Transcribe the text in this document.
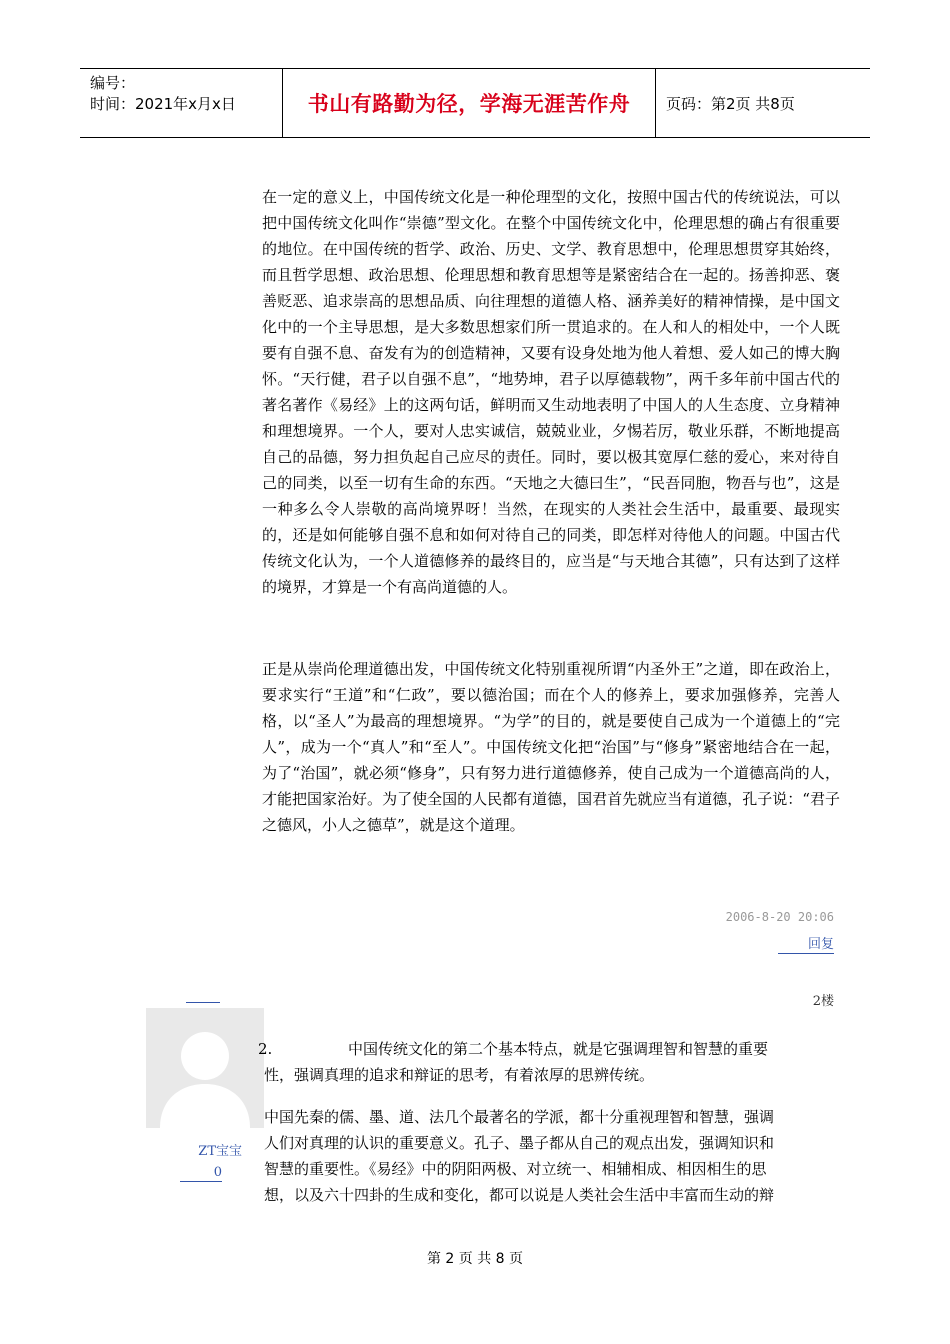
编号：
时间：2021年x月x日	书山有路勤为径，学海无涯苦作舟	页码：第2页 共8页

在一定的意义上，中国传统文化是一种伦理型的文化，按照中国古代的传统说法，可以把中国传统文化叫作“崇德”型文化。在整个中国传统文化中，伦理思想的确占有很重要的地位。在中国传统的哲学、政治、历史、文学、教育思想中，伦理思想贯穿其始终，而且哲学思想、政治思想、伦理思想和教育思想等是紧密结合在一起的。扬善抑恶、褒善贬恶、追求崇高的思想品质、向往理想的道德人格、涵养美好的精神情操，是中国文化中的一个主导思想，是大多数思想家们所一贯追求的。在人和人的相处中，一个人既要有自强不息、奋发有为的创造精神，又要有设身处地为他人着想、爱人如己的博大胸怀。“天行健，君子以自强不息”，“地势坤，君子以厚德载物”，两千多年前中国古代的著名著作《易经》上的这两句话，鲜明而又生动地表明了中国人的人生态度、立身精神和理想境界。一个人，要对人忠实诚信，兢兢业业，夕惕若厉，敬业乐群，不断地提高自己的品德，努力担负起自己应尽的责任。同时，要以极其宽厚仁慈的爱心，来对待自己的同类，以至一切有生命的东西。“天地之大德曰生”，“民吾同胞，物吾与也”，这是一种多么令人崇敬的高尚境界呀！当然，在现实的人类社会生活中，最重要、最现实的，还是如何能够自强不息和如何对待自己的同类，即怎样对待他人的问题。中国古代传统文化认为，一个人道德修养的最终目的，应当是“与天地合其德”，只有达到了这样的境界，才算是一个有高尚道德的人。

正是从崇尚伦理道德出发，中国传统文化特别重视所谓“内圣外王”之道，即在政治上，要求实行“王道”和“仁政”，要以德治国；而在个人的修养上，要求加强修养，完善人格，以“圣人”为最高的理想境界。“为学”的目的，就是要使自己成为一个道德上的“完人”，成为一个“真人”和“至人”。中国传统文化把“治国”与“修身”紧密地结合在一起，为了“治国”，就必须“修身”，只有努力进行道德修养，使自己成为一个道德高尚的人，才能把国家治好。为了使全国的人民都有道德，国君首先就应当有道德，孔子说：“君子之德风，小人之德草”，就是这个道理。

2006-8-20 20:06
回复
2楼
ZT宝宝
0
2.	中国传统文化的第二个基本特点，就是它强调理智和智慧的重要
性，强调真理的追求和辩证的思考，有着浓厚的思辨传统。
中国先秦的儒、墨、道、法几个最著名的学派，都十分重视理智和智慧，强调
人们对真理的认识的重要意义。孔子、墨子都从自己的观点出发，强调知识和
智慧的重要性。《易经》中的阴阳两极、对立统一、相辅相成、相因相生的思
想，以及六十四卦的生成和变化，都可以说是人类社会生活中丰富而生动的辩
第 2 页 共 8 页
